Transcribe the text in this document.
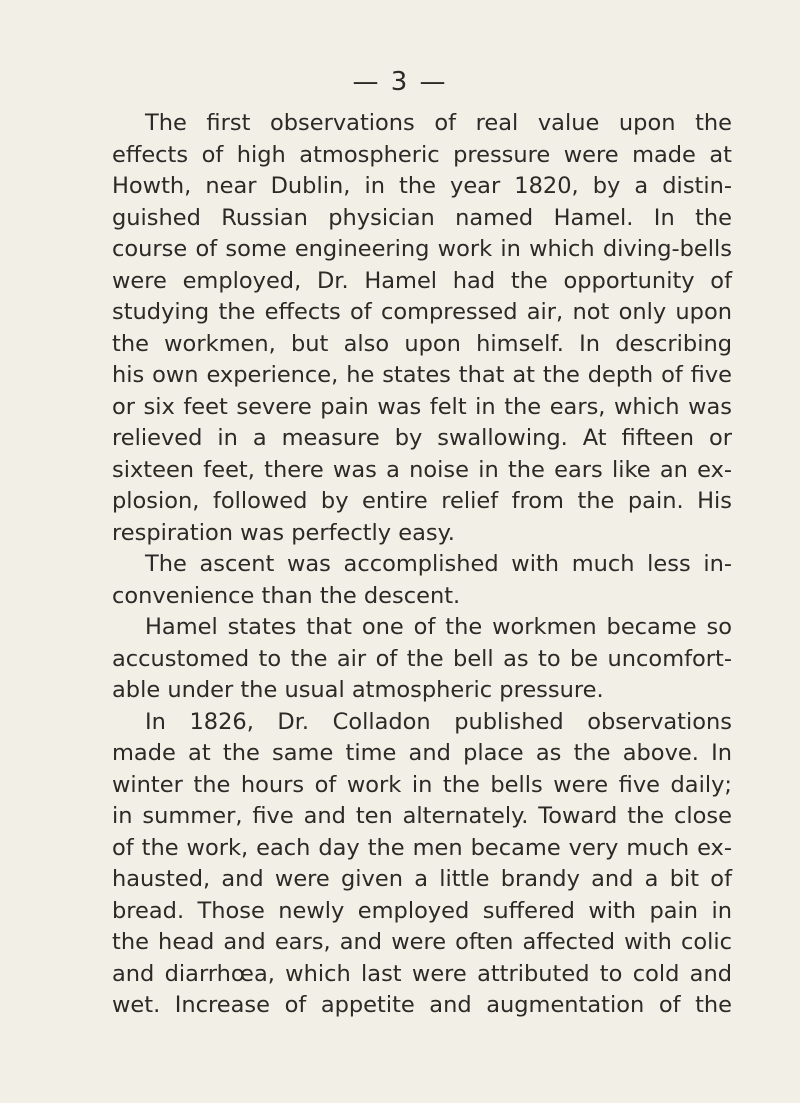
— 3 —
The first observations of real value upon the
effects of high atmospheric pressure were made at
Howth, near Dublin, in the year 1820, by a distin-
guished Russian physician named Hamel. In the
course of some engineering work in which diving-bells
were employed, Dr. Hamel had the opportunity of
studying the effects of compressed air, not only upon
the workmen, but also upon himself. In describing
his own experience, he states that at the depth of five
or six feet severe pain was felt in the ears, which was
relieved in a measure by swallowing. At fifteen or
sixteen feet, there was a noise in the ears like an ex-
plosion, followed by entire relief from the pain. His
respiration was perfectly easy.
The ascent was accomplished with much less in-
convenience than the descent.
Hamel states that one of the workmen became so
accustomed to the air of the bell as to be uncomfort-
able under the usual atmospheric pressure.
In 1826, Dr. Colladon published observations
made at the same time and place as the above. In
winter the hours of work in the bells were five daily;
in summer, five and ten alternately. Toward the close
of the work, each day the men became very much ex-
hausted, and were given a little brandy and a bit of
bread. Those newly employed suffered with pain in
the head and ears, and were often affected with colic
and diarrhœa, which last were attributed to cold and
wet. Increase of appetite and augmentation of the
